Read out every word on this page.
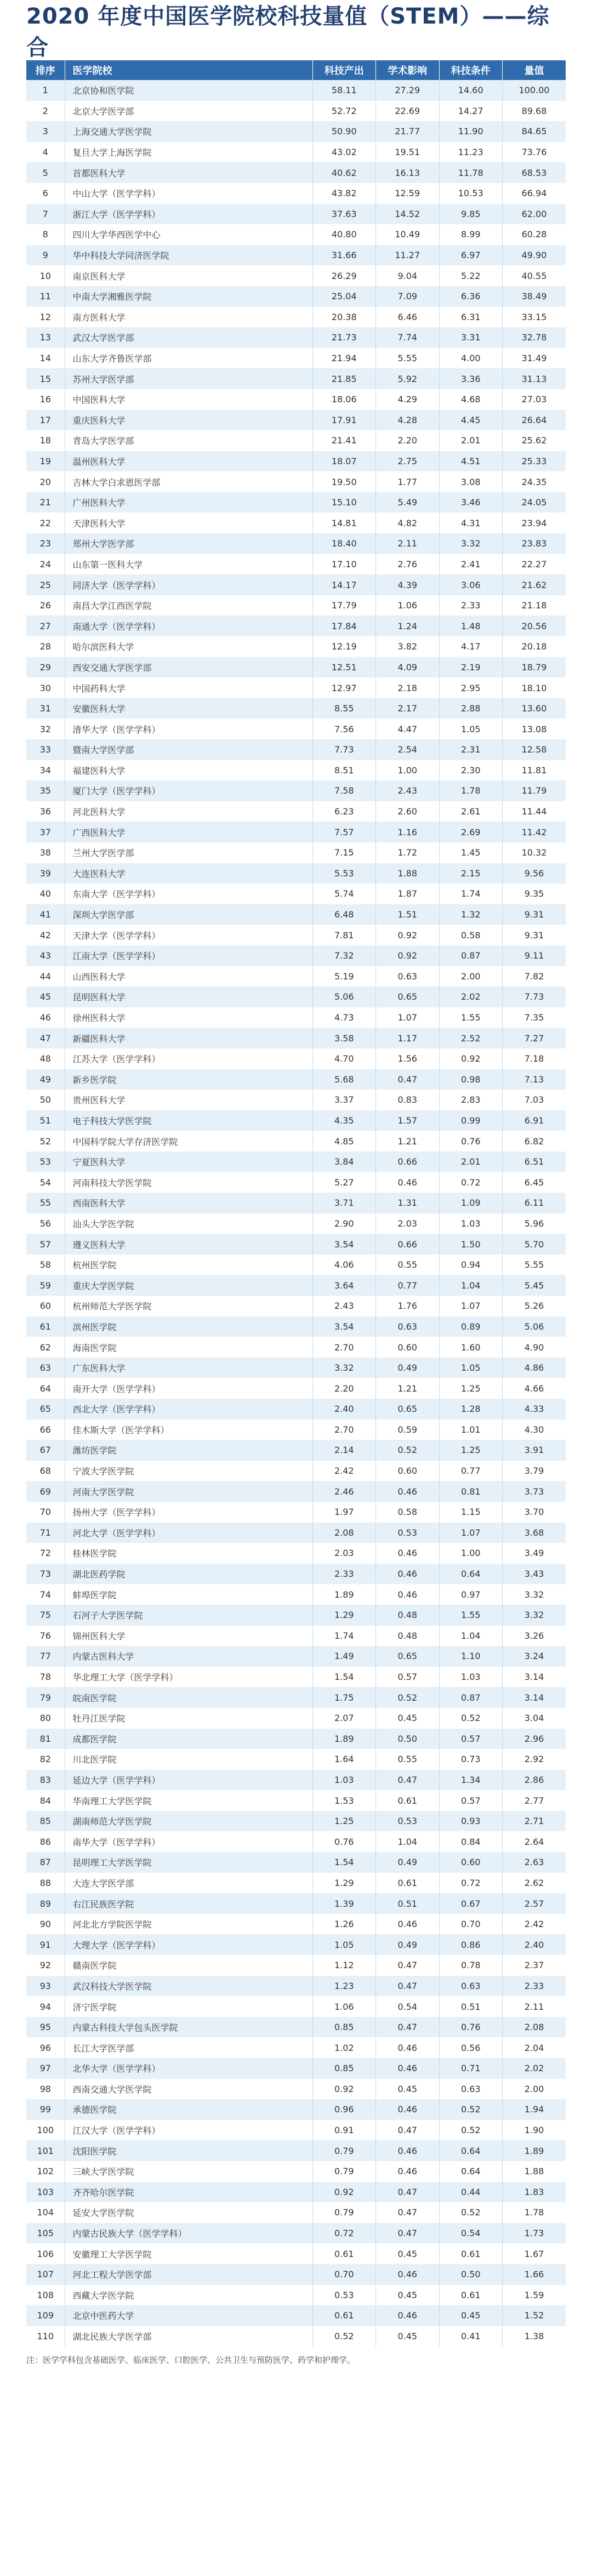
2020 年度中国医学院校科技量值（STEM）——综合
排序	医学院校	科技产出	学术影响	科技条件	量值
1	北京协和医学院	58.11	27.29	14.60	100.00
2	北京大学医学部	52.72	22.69	14.27	89.68
3	上海交通大学医学院	50.90	21.77	11.90	84.65
4	复旦大学上海医学院	43.02	19.51	11.23	73.76
5	首都医科大学	40.62	16.13	11.78	68.53
6	中山大学（医学学科）	43.82	12.59	10.53	66.94
7	浙江大学（医学学科）	37.63	14.52	9.85	62.00
8	四川大学华西医学中心	40.80	10.49	8.99	60.28
9	华中科技大学同济医学院	31.66	11.27	6.97	49.90
10	南京医科大学	26.29	9.04	5.22	40.55
11	中南大学湘雅医学院	25.04	7.09	6.36	38.49
12	南方医科大学	20.38	6.46	6.31	33.15
13	武汉大学医学部	21.73	7.74	3.31	32.78
14	山东大学齐鲁医学部	21.94	5.55	4.00	31.49
15	苏州大学医学部	21.85	5.92	3.36	31.13
16	中国医科大学	18.06	4.29	4.68	27.03
17	重庆医科大学	17.91	4.28	4.45	26.64
18	青岛大学医学部	21.41	2.20	2.01	25.62
19	温州医科大学	18.07	2.75	4.51	25.33
20	吉林大学白求恩医学部	19.50	1.77	3.08	24.35
21	广州医科大学	15.10	5.49	3.46	24.05
22	天津医科大学	14.81	4.82	4.31	23.94
23	郑州大学医学部	18.40	2.11	3.32	23.83
24	山东第一医科大学	17.10	2.76	2.41	22.27
25	同济大学（医学学科）	14.17	4.39	3.06	21.62
26	南昌大学江西医学院	17.79	1.06	2.33	21.18
27	南通大学（医学学科）	17.84	1.24	1.48	20.56
28	哈尔滨医科大学	12.19	3.82	4.17	20.18
29	西安交通大学医学部	12.51	4.09	2.19	18.79
30	中国药科大学	12.97	2.18	2.95	18.10
31	安徽医科大学	8.55	2.17	2.88	13.60
32	清华大学（医学学科）	7.56	4.47	1.05	13.08
33	暨南大学医学部	7.73	2.54	2.31	12.58
34	福建医科大学	8.51	1.00	2.30	11.81
35	厦门大学（医学学科）	7.58	2.43	1.78	11.79
36	河北医科大学	6.23	2.60	2.61	11.44
37	广西医科大学	7.57	1.16	2.69	11.42
38	兰州大学医学部	7.15	1.72	1.45	10.32
39	大连医科大学	5.53	1.88	2.15	9.56
40	东南大学（医学学科）	5.74	1.87	1.74	9.35
41	深圳大学医学部	6.48	1.51	1.32	9.31
42	天津大学（医学学科）	7.81	0.92	0.58	9.31
43	江南大学（医学学科）	7.32	0.92	0.87	9.11
44	山西医科大学	5.19	0.63	2.00	7.82
45	昆明医科大学	5.06	0.65	2.02	7.73
46	徐州医科大学	4.73	1.07	1.55	7.35
47	新疆医科大学	3.58	1.17	2.52	7.27
48	江苏大学（医学学科）	4.70	1.56	0.92	7.18
49	新乡医学院	5.68	0.47	0.98	7.13
50	贵州医科大学	3.37	0.83	2.83	7.03
51	电子科技大学医学院	4.35	1.57	0.99	6.91
52	中国科学院大学存济医学院	4.85	1.21	0.76	6.82
53	宁夏医科大学	3.84	0.66	2.01	6.51
54	河南科技大学医学院	5.27	0.46	0.72	6.45
55	西南医科大学	3.71	1.31	1.09	6.11
56	汕头大学医学院	2.90	2.03	1.03	5.96
57	遵义医科大学	3.54	0.66	1.50	5.70
58	杭州医学院	4.06	0.55	0.94	5.55
59	重庆大学医学院	3.64	0.77	1.04	5.45
60	杭州师范大学医学院	2.43	1.76	1.07	5.26
61	滨州医学院	3.54	0.63	0.89	5.06
62	海南医学院	2.70	0.60	1.60	4.90
63	广东医科大学	3.32	0.49	1.05	4.86
64	南开大学（医学学科）	2.20	1.21	1.25	4.66
65	西北大学（医学学科）	2.40	0.65	1.28	4.33
66	佳木斯大学（医学学科）	2.70	0.59	1.01	4.30
67	潍坊医学院	2.14	0.52	1.25	3.91
68	宁波大学医学院	2.42	0.60	0.77	3.79
69	河南大学医学院	2.46	0.46	0.81	3.73
70	扬州大学（医学学科）	1.97	0.58	1.15	3.70
71	河北大学（医学学科）	2.08	0.53	1.07	3.68
72	桂林医学院	2.03	0.46	1.00	3.49
73	湖北医药学院	2.33	0.46	0.64	3.43
74	蚌埠医学院	1.89	0.46	0.97	3.32
75	石河子大学医学院	1.29	0.48	1.55	3.32
76	锦州医科大学	1.74	0.48	1.04	3.26
77	内蒙古医科大学	1.49	0.65	1.10	3.24
78	华北理工大学（医学学科）	1.54	0.57	1.03	3.14
79	皖南医学院	1.75	0.52	0.87	3.14
80	牡丹江医学院	2.07	0.45	0.52	3.04
81	成都医学院	1.89	0.50	0.57	2.96
82	川北医学院	1.64	0.55	0.73	2.92
83	延边大学（医学学科）	1.03	0.47	1.34	2.86
84	华南理工大学医学院	1.53	0.61	0.57	2.77
85	湖南师范大学医学院	1.25	0.53	0.93	2.71
86	南华大学（医学学科）	0.76	1.04	0.84	2.64
87	昆明理工大学医学院	1.54	0.49	0.60	2.63
88	大连大学医学部	1.29	0.61	0.72	2.62
89	右江民族医学院	1.39	0.51	0.67	2.57
90	河北北方学院医学院	1.26	0.46	0.70	2.42
91	大理大学（医学学科）	1.05	0.49	0.86	2.40
92	赣南医学院	1.12	0.47	0.78	2.37
93	武汉科技大学医学院	1.23	0.47	0.63	2.33
94	济宁医学院	1.06	0.54	0.51	2.11
95	内蒙古科技大学包头医学院	0.85	0.47	0.76	2.08
96	长江大学医学部	1.02	0.46	0.56	2.04
97	北华大学（医学学科）	0.85	0.46	0.71	2.02
98	西南交通大学医学院	0.92	0.45	0.63	2.00
99	承德医学院	0.96	0.46	0.52	1.94
100	江汉大学（医学学科）	0.91	0.47	0.52	1.90
101	沈阳医学院	0.79	0.46	0.64	1.89
102	三峡大学医学院	0.79	0.46	0.64	1.88
103	齐齐哈尔医学院	0.92	0.47	0.44	1.83
104	延安大学医学院	0.79	0.47	0.52	1.78
105	内蒙古民族大学（医学学科）	0.72	0.47	0.54	1.73
106	安徽理工大学医学院	0.61	0.45	0.61	1.67
107	河北工程大学医学部	0.70	0.46	0.50	1.66
108	西藏大学医学院	0.53	0.45	0.61	1.59
109	北京中医药大学	0.61	0.46	0.45	1.52
110	湖北民族大学医学部	0.52	0.45	0.41	1.38
注：医学学科包含基础医学、临床医学、口腔医学、公共卫生与预防医学、药学和护理学。
